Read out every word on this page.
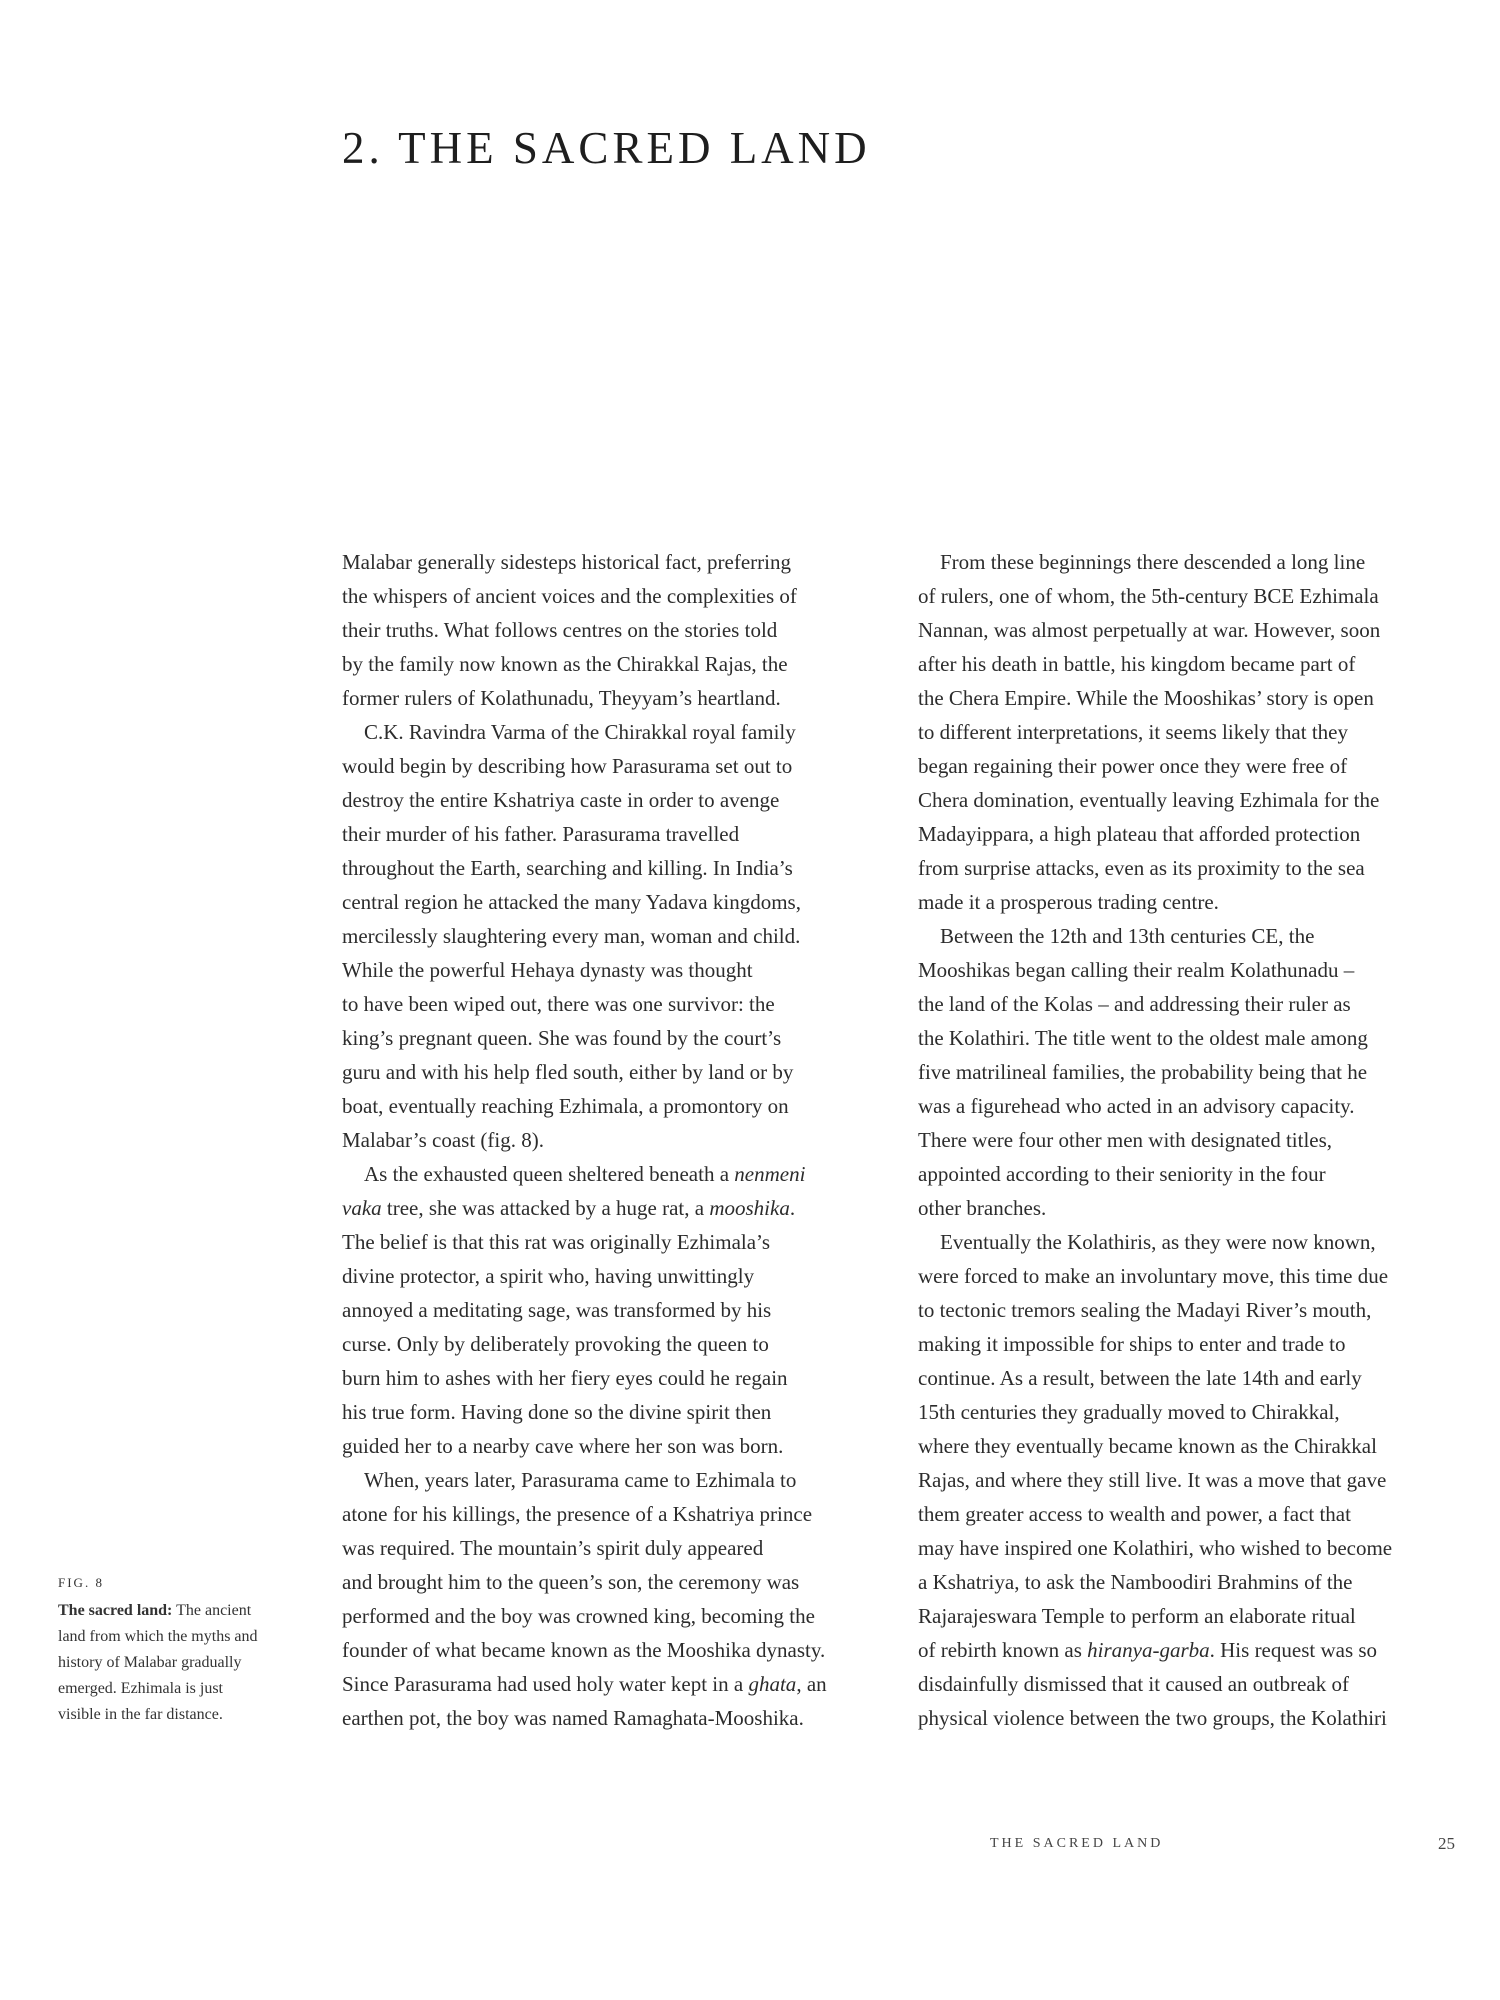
2. THE SACRED LAND
FIG. 8
The sacred land: The ancient
land from which the myths and
history of Malabar gradually
emerged. Ezhimala is just
visible in the far distance.

Malabar generally sidesteps historical fact, preferring
the whispers of ancient voices and the complexities of
their truths. What follows centres on the stories told
by the family now known as the Chirakkal Rajas, the
former rulers of Kolathunadu, Theyyam’s heartland.

C.K. Ravindra Varma of the Chirakkal royal family
would begin by describing how Parasurama set out to
destroy the entire Kshatriya caste in order to avenge
their murder of his father. Parasurama travelled
throughout the Earth, searching and killing. In India’s
central region he attacked the many Yadava kingdoms,
mercilessly slaughtering every man, woman and child.
While the powerful Hehaya dynasty was thought
to have been wiped out, there was one survivor: the
king’s pregnant queen. She was found by the court’s
guru and with his help fled south, either by land or by
boat, eventually reaching Ezhimala, a promontory on
Malabar’s coast (fig. 8).

As the exhausted queen sheltered beneath a nenmeni
vaka tree, she was attacked by a huge rat, a mooshika.
The belief is that this rat was originally Ezhimala’s
divine protector, a spirit who, having unwittingly
annoyed a meditating sage, was transformed by his
curse. Only by deliberately provoking the queen to
burn him to ashes with her fiery eyes could he regain
his true form. Having done so the divine spirit then
guided her to a nearby cave where her son was born.

When, years later, Parasurama came to Ezhimala to
atone for his killings, the presence of a Kshatriya prince
was required. The mountain’s spirit duly appeared
and brought him to the queen’s son, the ceremony was
performed and the boy was crowned king, becoming the
founder of what became known as the Mooshika dynasty.
Since Parasurama had used holy water kept in a ghata, an
earthen pot, the boy was named Ramaghata-Mooshika.

From these beginnings there descended a long line
of rulers, one of whom, the 5th-century BCE Ezhimala
Nannan, was almost perpetually at war. However, soon
after his death in battle, his kingdom became part of
the Chera Empire. While the Mooshikas’ story is open
to different interpretations, it seems likely that they
began regaining their power once they were free of
Chera domination, eventually leaving Ezhimala for the
Madayippara, a high plateau that afforded protection
from surprise attacks, even as its proximity to the sea
made it a prosperous trading centre.

Between the 12th and 13th centuries CE, the
Mooshikas began calling their realm Kolathunadu –
the land of the Kolas – and addressing their ruler as
the Kolathiri. The title went to the oldest male among
five matrilineal families, the probability being that he
was a figurehead who acted in an advisory capacity.
There were four other men with designated titles,
appointed according to their seniority in the four
other branches.

Eventually the Kolathiris, as they were now known,
were forced to make an involuntary move, this time due
to tectonic tremors sealing the Madayi River’s mouth,
making it impossible for ships to enter and trade to
continue. As a result, between the late 14th and early
15th centuries they gradually moved to Chirakkal,
where they eventually became known as the Chirakkal
Rajas, and where they still live. It was a move that gave
them greater access to wealth and power, a fact that
may have inspired one Kolathiri, who wished to become
a Kshatriya, to ask the Namboodiri Brahmins of the
Rajarajeswara Temple to perform an elaborate ritual
of rebirth known as hiranya-garba. His request was so
disdainfully dismissed that it caused an outbreak of
physical violence between the two groups, the Kolathiri

THE SACRED LAND	25
